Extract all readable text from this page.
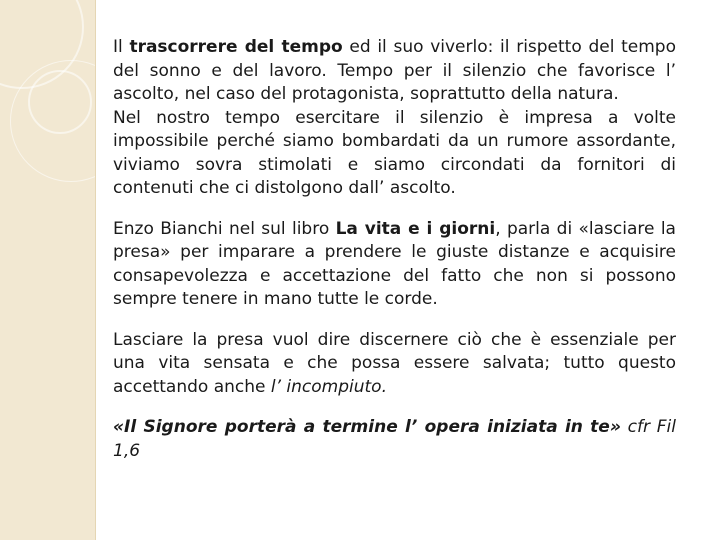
Il trascorrere del tempo ed il suo viverlo: il rispetto del tempo del sonno e del lavoro. Tempo per il silenzio che favorisce l’ ascolto, nel caso del protagonista, soprattutto della natura.

Nel nostro tempo esercitare il silenzio è impresa a volte impossibile perché siamo bombardati da un rumore assordante, viviamo sovra stimolati e siamo circondati da fornitori di contenuti che ci distolgono dall’ ascolto.

Enzo Bianchi nel sul libro La vita e i giorni, parla di «lasciare la presa» per imparare a prendere le giuste distanze e acquisire consapevolezza e accettazione del fatto che non si possono sempre tenere in mano tutte le corde.

Lasciare la presa vuol dire discernere ciò che è essenziale per una vita sensata e che possa essere salvata; tutto questo accettando anche l’ incompiuto.

«Il Signore porterà a termine l’ opera iniziata in te» cfr Fil 1,6
